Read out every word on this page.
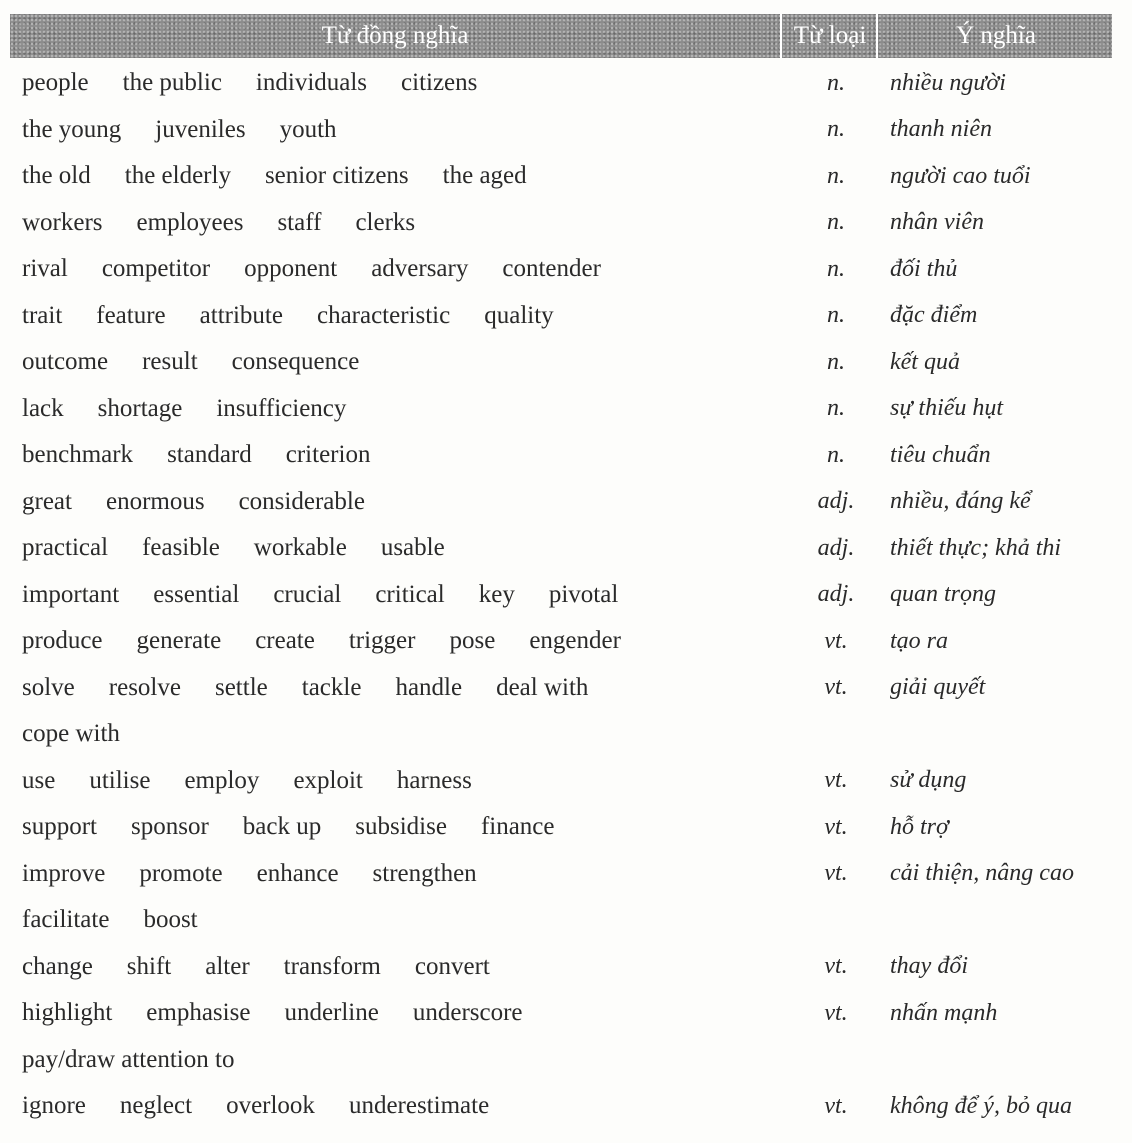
Từ đồng nghĩa	Từ loại	Ý nghĩa
people the public individuals citizens	n.	nhiều người
the young juveniles youth	n.	thanh niên
the old the elderly senior citizens the aged	n.	người cao tuổi
workers employees staff clerks	n.	nhân viên
rival competitor opponent adversary contender	n.	đối thủ
trait feature attribute characteristic quality	n.	đặc điểm
outcome result consequence	n.	kết quả
lack shortage insufficiency	n.	sự thiếu hụt
benchmark standard criterion	n.	tiêu chuẩn
great enormous considerable	adj.	nhiều, đáng kể
practical feasible workable usable	adj.	thiết thực; khả thi
important essential crucial critical key pivotal	adj.	quan trọng
produce generate create trigger pose engender	vt.	tạo ra
solve resolve settle tackle handle deal with	vt.	giải quyết
cope with
use utilise employ exploit harness	vt.	sử dụng
support sponsor back up subsidise finance	vt.	hỗ trợ
improve promote enhance strengthen	vt.	cải thiện, nâng cao
facilitate boost
change shift alter transform convert	vt.	thay đổi
highlight emphasise underline underscore	vt.	nhấn mạnh
pay/draw attention to
ignore neglect overlook underestimate	vt.	không để ý, bỏ qua
